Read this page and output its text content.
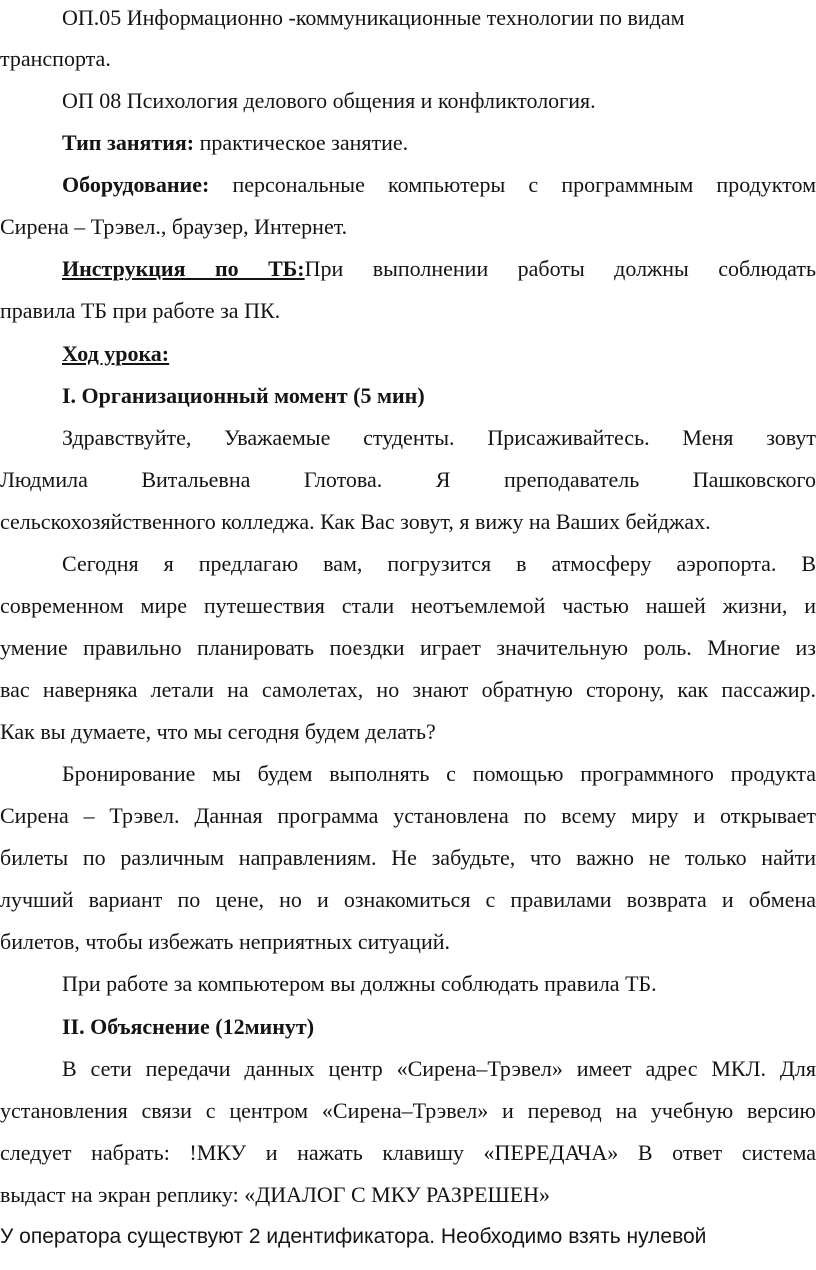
ОП.05 Информационно -коммуникационные технологии по видам
транспорта.
ОП 08 Психология делового общения и конфликтология.
Тип занятия: практическое занятие.
Оборудование: персональные компьютеры с программным продуктом
Сирена – Трэвел., браузер, Интернет.
Инструкция по ТБ:При выполнении работы должны соблюдать
правила ТБ при работе за ПК.
Ход урока:
I. Организационный момент (5 мин)
Здравствуйте, Уважаемые студенты. Присаживайтесь. Меня зовут
Людмила Витальевна Глотова. Я преподаватель Пашковского
сельскохозяйственного колледжа. Как Вас зовут, я вижу на Ваших бейджах.
Сегодня я предлагаю вам, погрузится в атмосферу аэропорта. В
современном мире путешествия стали неотъемлемой частью нашей жизни, и
умение правильно планировать поездки играет значительную роль. Многие из
вас наверняка летали на самолетах, но знают обратную сторону, как пассажир.
Как вы думаете, что мы сегодня будем делать?
Бронирование мы будем выполнять с помощью программного продукта
Сирена – Трэвел. Данная программа установлена по всему миру и открывает
билеты по различным направлениям. Не забудьте, что важно не только найти
лучший вариант по цене, но и ознакомиться с правилами возврата и обмена
билетов, чтобы избежать неприятных ситуаций.
При работе за компьютером вы должны соблюдать правила ТБ.
II. Объяснение (12минут)
В сети передачи данных центр «Сирена–Трэвел» имеет адрес МКЛ. Для
установления связи с центром «Сирена–Трэвел» и перевод на учебную версию
следует набрать: !МКУ и нажать клавишу «ПЕРЕДАЧА» В ответ система
выдаст на экран реплику: «ДИАЛОГ С МКУ РАЗРЕШЕН»
У оператора существуют 2 идентификатора. Необходимо взять нулевой
